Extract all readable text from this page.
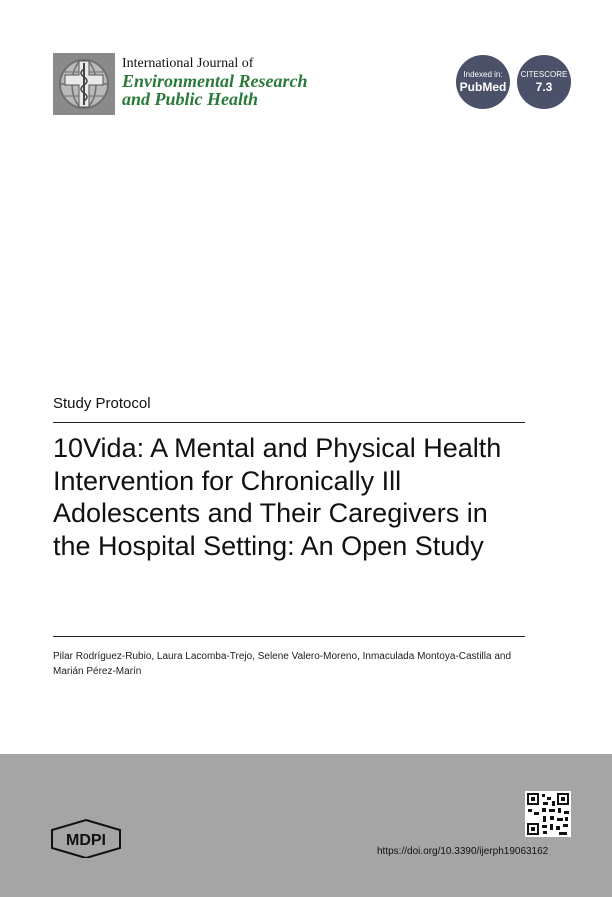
International Journal of
Environmental Research
and Public Health
Indexed in:
PubMed
CITESCORE
7.3
Study Protocol
10Vida: A Mental and Physical Health Intervention for Chronically Ill Adolescents and Their Caregivers in the Hospital Setting: An Open Study
Pilar Rodríguez-Rubio, Laura Lacomba-Trejo, Selene Valero-Moreno, Inmaculada Montoya-Castilla and Marián Pérez-Marín
MDPI
https://doi.org/10.3390/ijerph19063162
